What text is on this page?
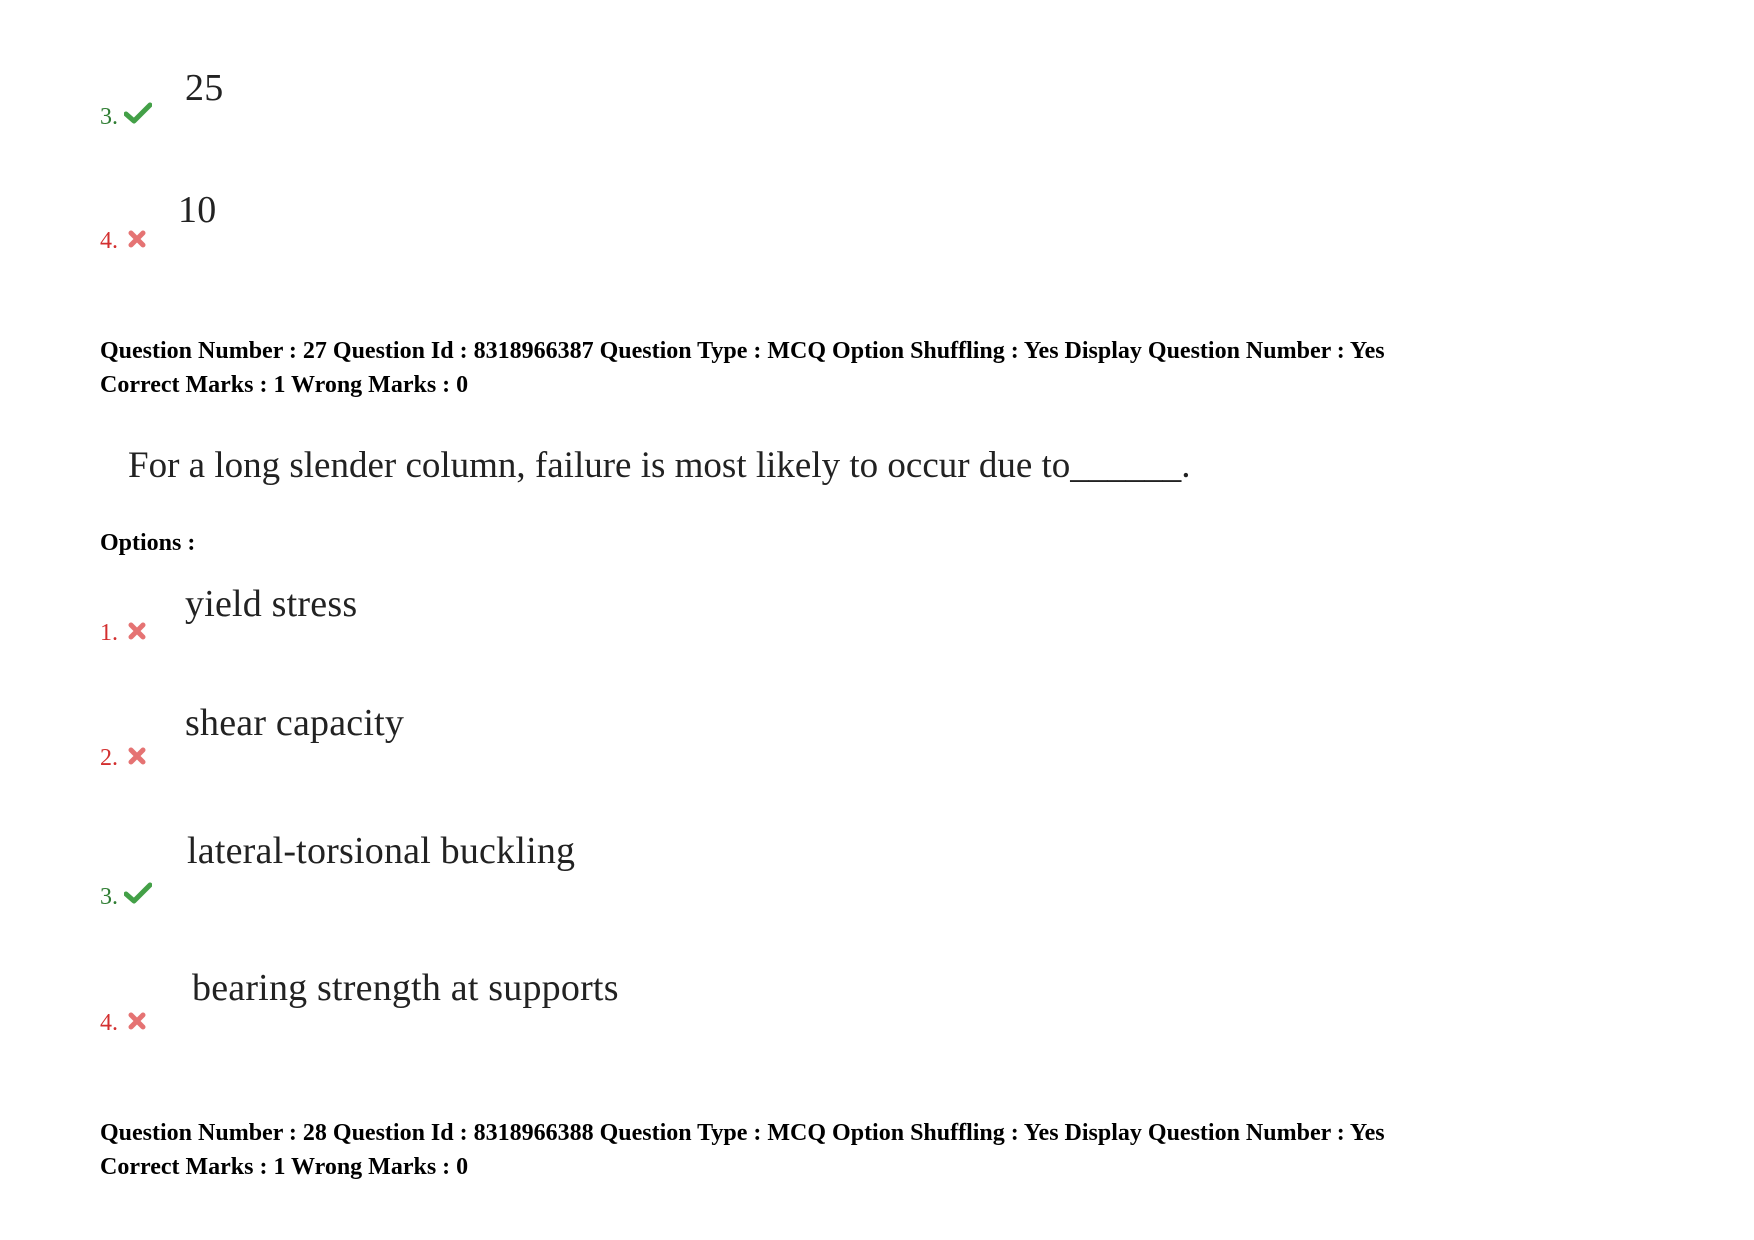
3.
25
4.
10
Question Number : 27 Question Id : 8318966387 Question Type : MCQ Option Shuffling : Yes Display Question Number : Yes
Correct Marks : 1 Wrong Marks : 0
For a long slender column, failure is most likely to occur due to______.
Options :
1.
yield stress
2.
shear capacity
3.
lateral-torsional buckling
4.
bearing strength at supports
Question Number : 28 Question Id : 8318966388 Question Type : MCQ Option Shuffling : Yes Display Question Number : Yes
Correct Marks : 1 Wrong Marks : 0
